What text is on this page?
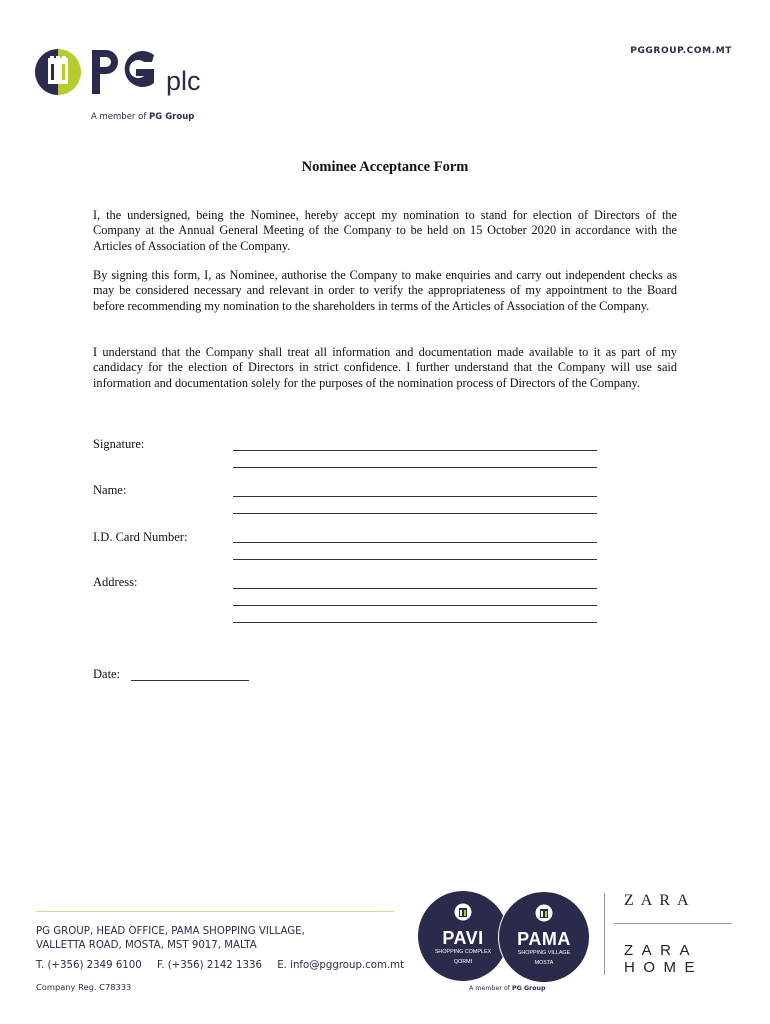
plc
A member of PG Group
PGGROUP.COM.MT
Nominee Acceptance Form
I, the undersigned, being the Nominee, hereby accept my nomination to stand for election of Directors of the Company at the Annual General Meeting of the Company to be held on 15 October 2020 in accordance with the Articles of Association of the Company.
By signing this form, I, as Nominee, authorise the Company to make enquiries and carry out independent checks as may be considered necessary and relevant in order to verify the appropriateness of my appointment to the Board before recommending my nomination to the shareholders in terms of the Articles of Association of the Company.
I understand that the Company shall treat all information and documentation made available to it as part of my candidacy for the election of Directors in strict confidence. I further understand that the Company will use said information and documentation solely for the purposes of the nomination process of Directors of the Company.
Signature:
Name:
I.D. Card Number:
Address:
Date:
PG GROUP, HEAD OFFICE, PAMA SHOPPING VILLAGE,
VALLETTA ROAD, MOSTA, MST 9017, MALTA
T. (+356) 2349 6100 F. (+356) 2142 1336 E. info@pggroup.com.mt
Company Reg. C78333
PAVI
SHOPPING COMPLEX
QORMI
PAMA
SHOPPING VILLAGE
MOSTA
A member of PG Group
ZARA
ZARA
HOME
